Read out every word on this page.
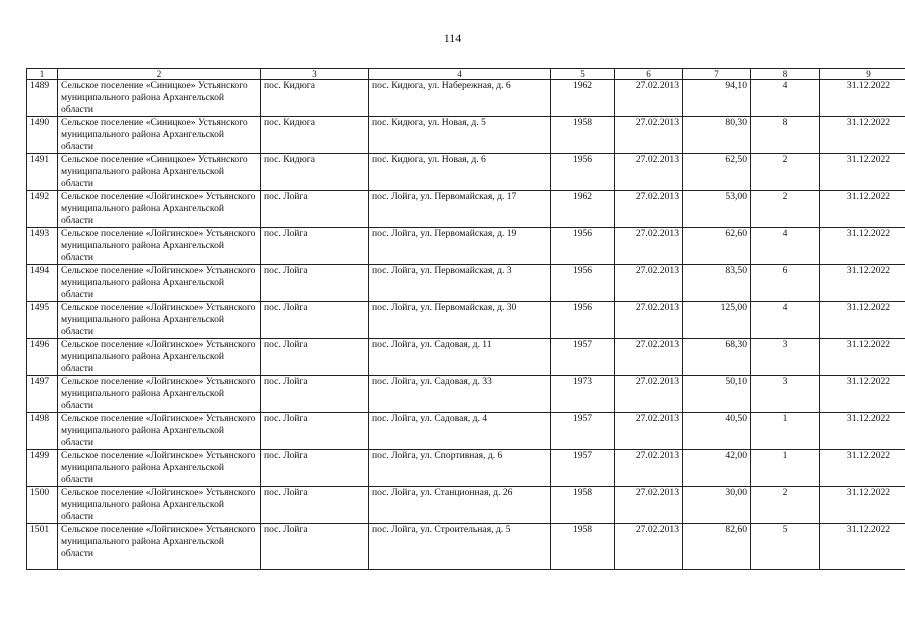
114
1	2	3	4	5	6	7	8	9
1489	Сельское поселение «Синицкое» Устьянского муниципального района Архангельской области	пос. Кидюга	пос. Кидюга, ул. Набережная, д. 6	1962	27.02.2013	94,10	4	31.12.2022
1490	Сельское поселение «Синицкое» Устьянского муниципального района Архангельской области	пос. Кидюга	пос. Кидюга, ул. Новая, д. 5	1958	27.02.2013	80,30	8	31.12.2022
1491	Сельское поселение «Синицкое» Устьянского муниципального района Архангельской области	пос. Кидюга	пос. Кидюга, ул. Новая, д. 6	1956	27.02.2013	62,50	2	31.12.2022
1492	Сельское поселение «Лойгинское» Устьянского муниципального района Архангельской области	пос. Лойга	пос. Лойга, ул. Первомайская, д. 17	1962	27.02.2013	53,00	2	31.12.2022
1493	Сельское поселение «Лойгинское» Устьянского муниципального района Архангельской области	пос. Лойга	пос. Лойга, ул. Первомайская, д. 19	1956	27.02.2013	62,60	4	31.12.2022
1494	Сельское поселение «Лойгинское» Устьянского муниципального района Архангельской области	пос. Лойга	пос. Лойга, ул. Первомайская, д. 3	1956	27.02.2013	83,50	6	31.12.2022
1495	Сельское поселение «Лойгинское» Устьянского муниципального района Архангельской области	пос. Лойга	пос. Лойга, ул. Первомайская, д. 30	1956	27.02.2013	125,00	4	31.12.2022
1496	Сельское поселение «Лойгинское» Устьянского муниципального района Архангельской области	пос. Лойга	пос. Лойга, ул. Садовая, д. 11	1957	27.02.2013	68,30	3	31.12.2022
1497	Сельское поселение «Лойгинское» Устьянского муниципального района Архангельской области	пос. Лойга	пос. Лойга, ул. Садовая, д. 33	1973	27.02.2013	50,10	3	31.12.2022
1498	Сельское поселение «Лойгинское» Устьянского муниципального района Архангельской области	пос. Лойга	пос. Лойга, ул. Садовая, д. 4	1957	27.02.2013	40,50	1	31.12.2022
1499	Сельское поселение «Лойгинское» Устьянского муниципального района Архангельской области	пос. Лойга	пос. Лойга, ул. Спортивная, д. 6	1957	27.02.2013	42,00	1	31.12.2022
1500	Сельское поселение «Лойгинское» Устьянского муниципального района Архангельской области	пос. Лойга	пос. Лойга, ул. Станционная, д. 26	1958	27.02.2013	30,00	2	31.12.2022
1501	Сельское поселение «Лойгинское» Устьянского муниципального района Архангельской области	пос. Лойга	пос. Лойга, ул. Строительная, д. 5	1958	27.02.2013	82,60	5	31.12.2022
